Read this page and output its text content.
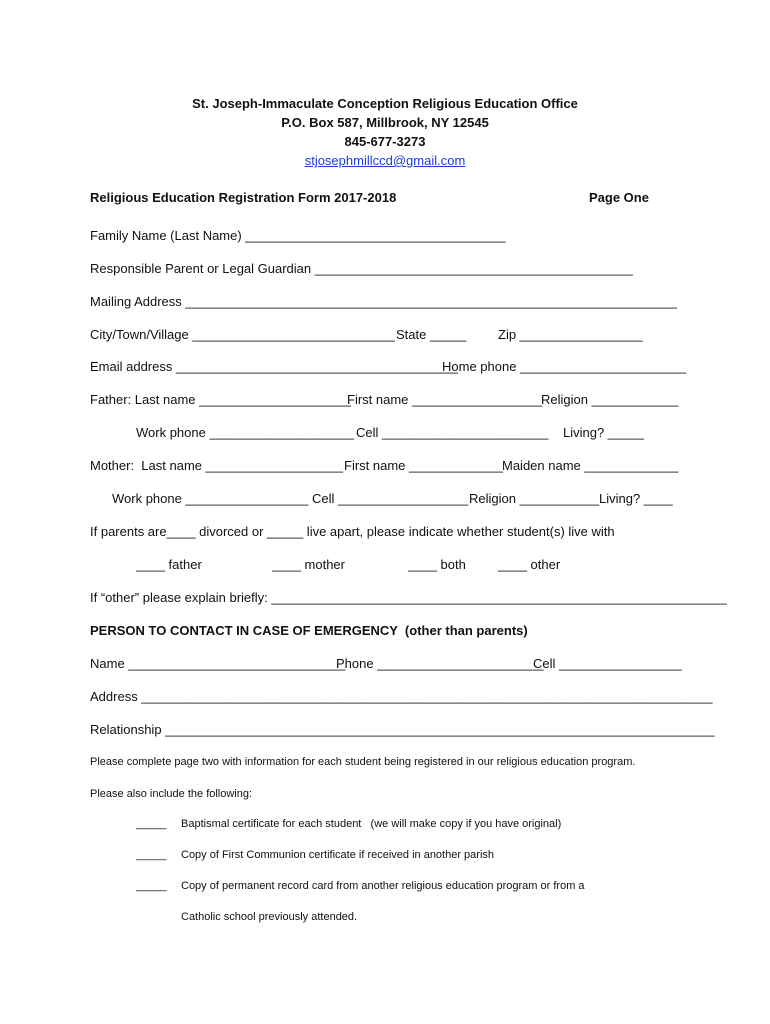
St. Joseph-Immaculate Conception Religious Education Office
P.O. Box 587, Millbrook, NY 12545
845-677-3273
stjosephmillccd@gmail.com
Religious Education Registration Form 2017-2018	Page One
Family Name (Last Name) ____________________________________
Responsible Parent or Legal Guardian ____________________________________________
Mailing Address ____________________________________________________________________
City/Town/Village ____________________________ State _____ Zip _________________
Email address _______________________________________
Home phone _______________________
Father: Last name _____________________
First name __________________
Religion ____________
Work phone ____________________ Cell _______________________ Living? _____
Mother:  Last name ___________________ First name _____________
Maiden name _____________
Work phone _________________ Cell __________________ Religion ___________ Living? ____
If parents are____ divorced or _____ live apart, please indicate whether student(s) live with
____ father	____ mother	____ both ____ other
If “other” please explain briefly: _______________________________________________________________
PERSON TO CONTACT IN CASE OF EMERGENCY  (other than parents)
Name ______________________________
Phone _______________________
Cell _________________
Address _______________________________________________________________________________
Relationship ____________________________________________________________________________
Please complete page two with information for each student being registered in our religious education program.
Please also include the following:
_____ Baptismal certificate for each student   (we will make copy if you have original)
_____ Copy of First Communion certificate if received in another parish
_____ Copy of permanent record card from another religious education program or from a
Catholic school previously attended.
